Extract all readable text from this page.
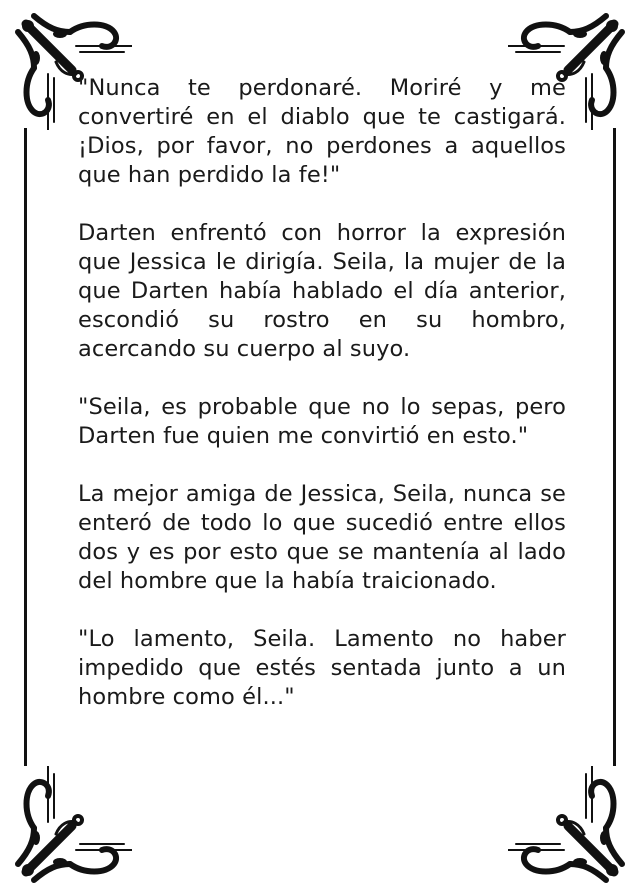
"Nunca te perdonaré. Moriré y me convertiré en el diablo que te castigará. ¡Dios, por favor, no perdones a aquellos que han perdido la fe!"

Darten enfrentó con horror la expresión que Jessica le dirigía. Seila, la mujer de la que Darten había hablado el día anterior, escondió su rostro en su hombro, acercando su cuerpo al suyo.

"Seila, es probable que no lo sepas, pero Darten fue quien me convirtió en esto."

La mejor amiga de Jessica, Seila, nunca se enteró de todo lo que sucedió entre ellos dos y es por esto que se mantenía al lado del hombre que la había traicionado.

"Lo lamento, Seila. Lamento no haber impedido que estés sentada junto a un hombre como él..."
